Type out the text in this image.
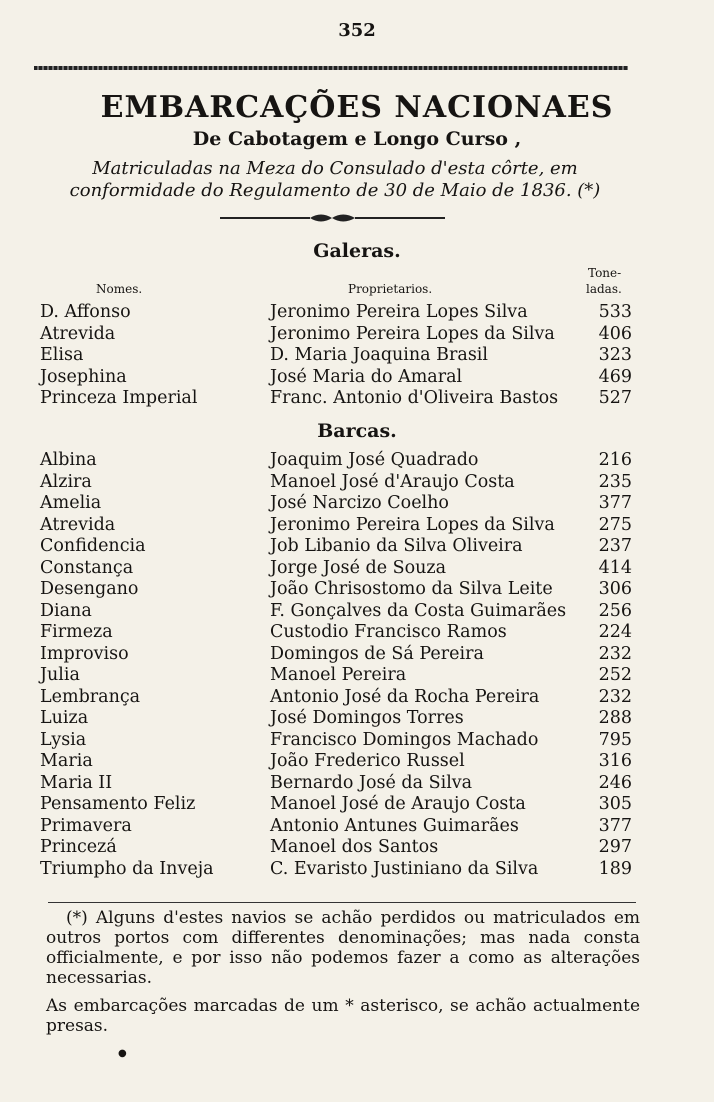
352
EMBARCAÇÕES NACIONAES
De Cabotagem e Longo Curso ,
Matriculadas na Meza do Consulado d'esta côrte, em conformidade do Regulamento de 30 de Maio de 1836. (*)
Galeras.
Nomes.	Proprietarios.
Tone-
ladas.
D. Affonso	Jeronimo Pereira Lopes Silva	533
Atrevida	Jeronimo Pereira Lopes da Silva	406
Elisa	D. Maria Joaquina Brasil	323
Josephina	José Maria do Amaral	469
Princeza Imperial	Franc. Antonio d'Oliveira Bastos 527
Barcas.
Albina	Joaquim José Quadrado	216
Alzira	Manoel José d'Araujo Costa	235
Amelia	José Narcizo Coelho	377
Atrevida	Jeronimo Pereira Lopes da Silva	275
Confidencia	Job Libanio da Silva Oliveira	237
Constança	Jorge José de Souza	414
Desengano	João Chrisostomo da Silva Leite	306
Diana	F. Gonçalves da Costa Guimarães 256
Firmeza	Custodio Francisco Ramos	224
Improviso	Domingos de Sá Pereira	232
Julia	Manoel Pereira	252
Lembrança	Antonio José da Rocha Pereira	232
Luiza	José Domingos Torres	288
Lysia	Francisco Domingos Machado	795
Maria	João Frederico Russel	316
Maria II	Bernardo José da Silva	246
Pensamento Feliz	Manoel José de Araujo Costa	305
Primavera	Antonio Antunes Guimarães	377
Princezá	Manoel dos Santos	297
Triumpho da Inveja	C. Evaristo Justiniano da Silva	189
(*) Alguns d'estes navios se achão perdidos ou matriculados em outros portos com differentes denominações; mas nada consta officialmente, e por isso não podemos fazer a como as alterações necessarias.
As embarcações marcadas de um * asterisco, se achão actualmente presas.
●
